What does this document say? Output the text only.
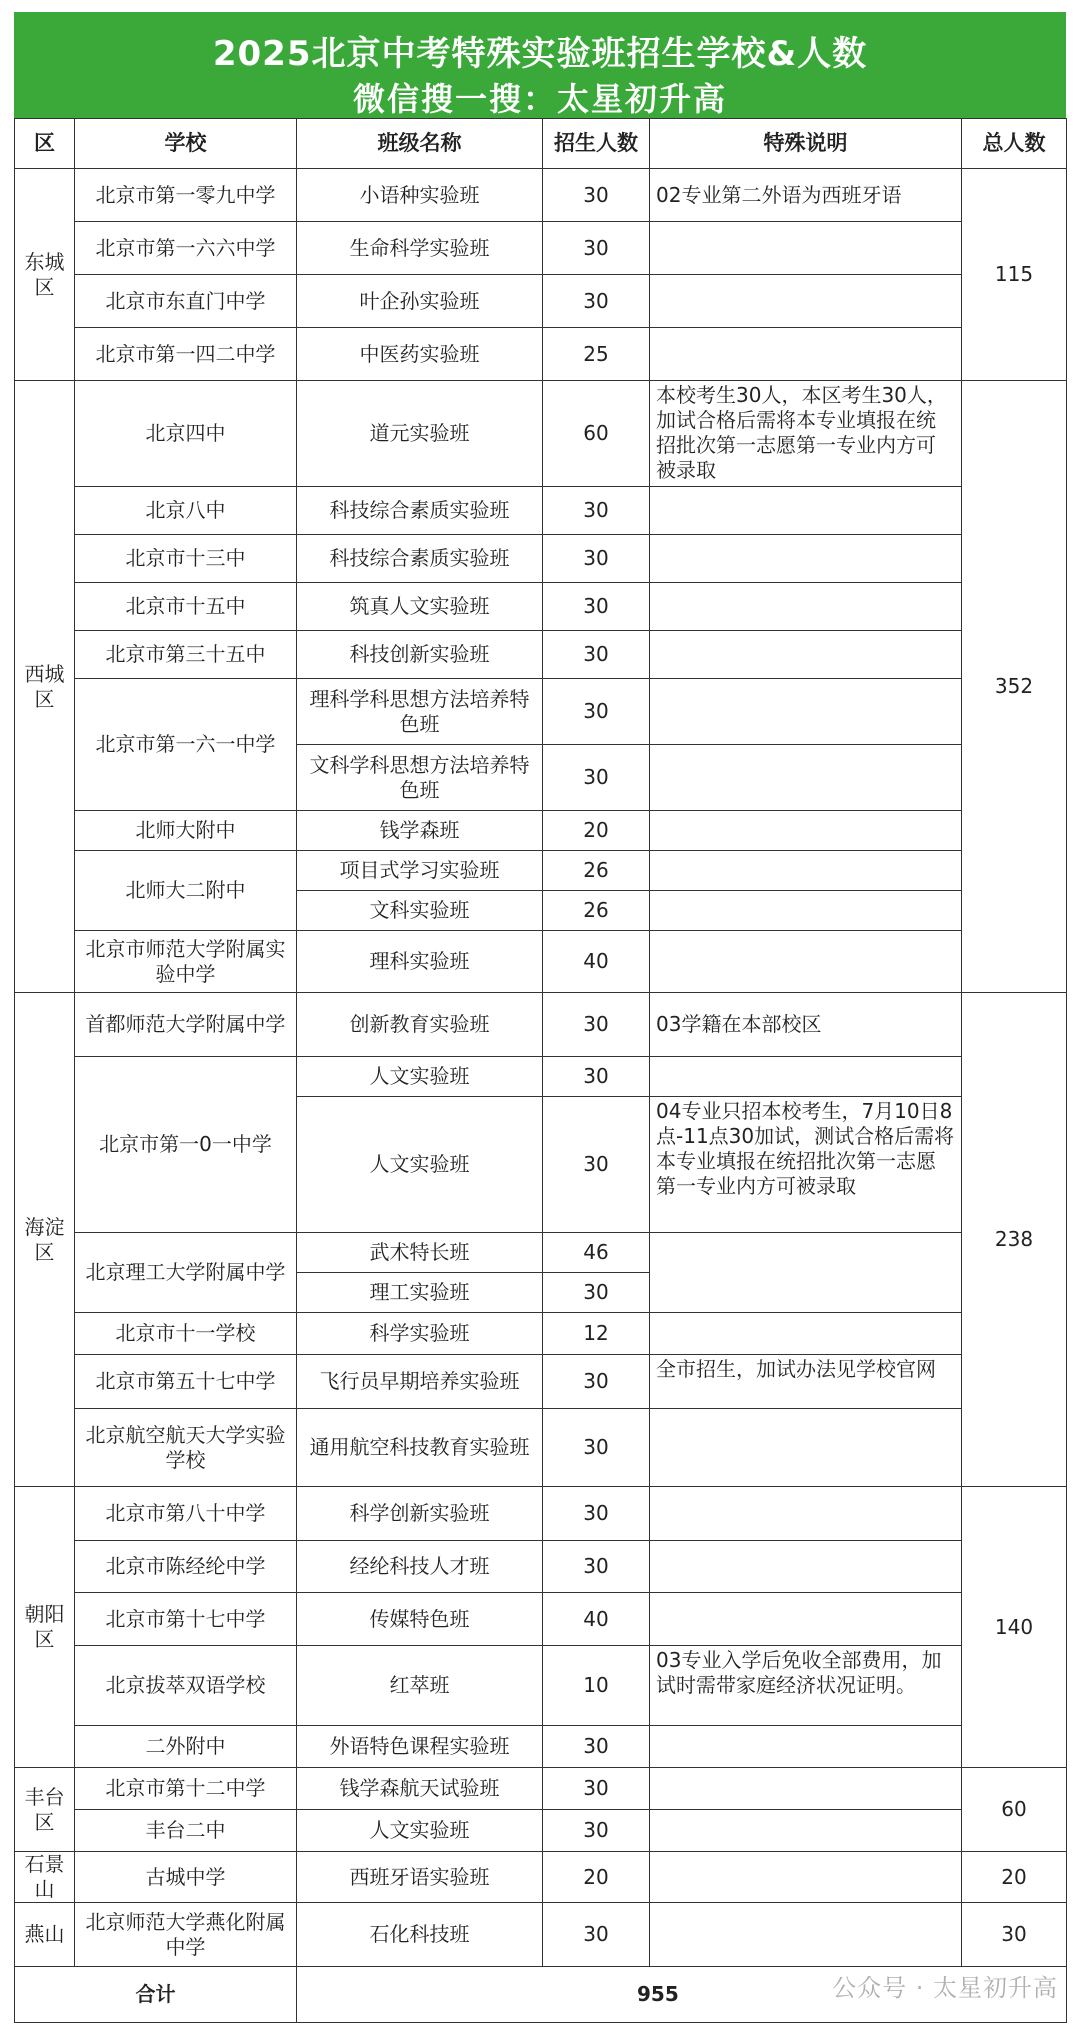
2025北京中考特殊实验班招生学校&人数
微信搜一搜：太星初升高
区	学校	班级名称	招生人数	特殊说明	总人数
东城区	北京市第一零九中学	小语种实验班	30	02专业第二外语为西班牙语	115
	北京市第一六六中学	生命科学实验班	30		
	北京市东直门中学	叶企孙实验班	30		
	北京市第一四二中学	中医药实验班	25		
西城区	北京四中	道元实验班	60	本校考生30人，本区考生30人，加试合格后需将本专业填报在统招批次第一志愿第一专业内方可被录取	352
	北京八中	科技综合素质实验班	30		
	北京市十三中	科技综合素质实验班	30		
	北京市十五中	筑真人文实验班	30		
	北京市第三十五中	科技创新实验班	30		
	北京市第一六一中学	理科学科思想方法培养特色班	30		
		文科学科思想方法培养特色班	30		
	北师大附中	钱学森班	20		
	北师大二附中	项目式学习实验班	26		
		文科实验班	26		
	北京市师范大学附属实验中学	理科实验班	40		
海淀区	首都师范大学附属中学	创新教育实验班	30	03学籍在本部校区	238
	北京市第一0一中学	人文实验班	30		
		人文实验班	30	04专业只招本校考生，7月10日8点-11点30加试，测试合格后需将本专业填报在统招批次第一志愿第一专业内方可被录取	
	北京理工大学附属中学	武术特长班	46		
		理工实验班	30		
	北京市十一学校	科学实验班	12		
	北京市第五十七中学	飞行员早期培养实验班	30	全市招生，加试办法见学校官网	
	北京航空航天大学实验学校	通用航空科技教育实验班	30		
朝阳区	北京市第八十中学	科学创新实验班	30		140
	北京市陈经纶中学	经纶科技人才班	30		
	北京市第十七中学	传媒特色班	40		
	北京拔萃双语学校	红萃班	10	03专业入学后免收全部费用，加试时需带家庭经济状况证明。	
	二外附中	外语特色课程实验班	30		
丰台区	北京市第十二中学	钱学森航天试验班	30		60
	丰台二中	人文实验班	30		
石景山	古城中学	西班牙语实验班	20		20
燕山	北京师范大学燕化附属中学	石化科技班	30		30
合计		955				公众号 · 太星初升高
